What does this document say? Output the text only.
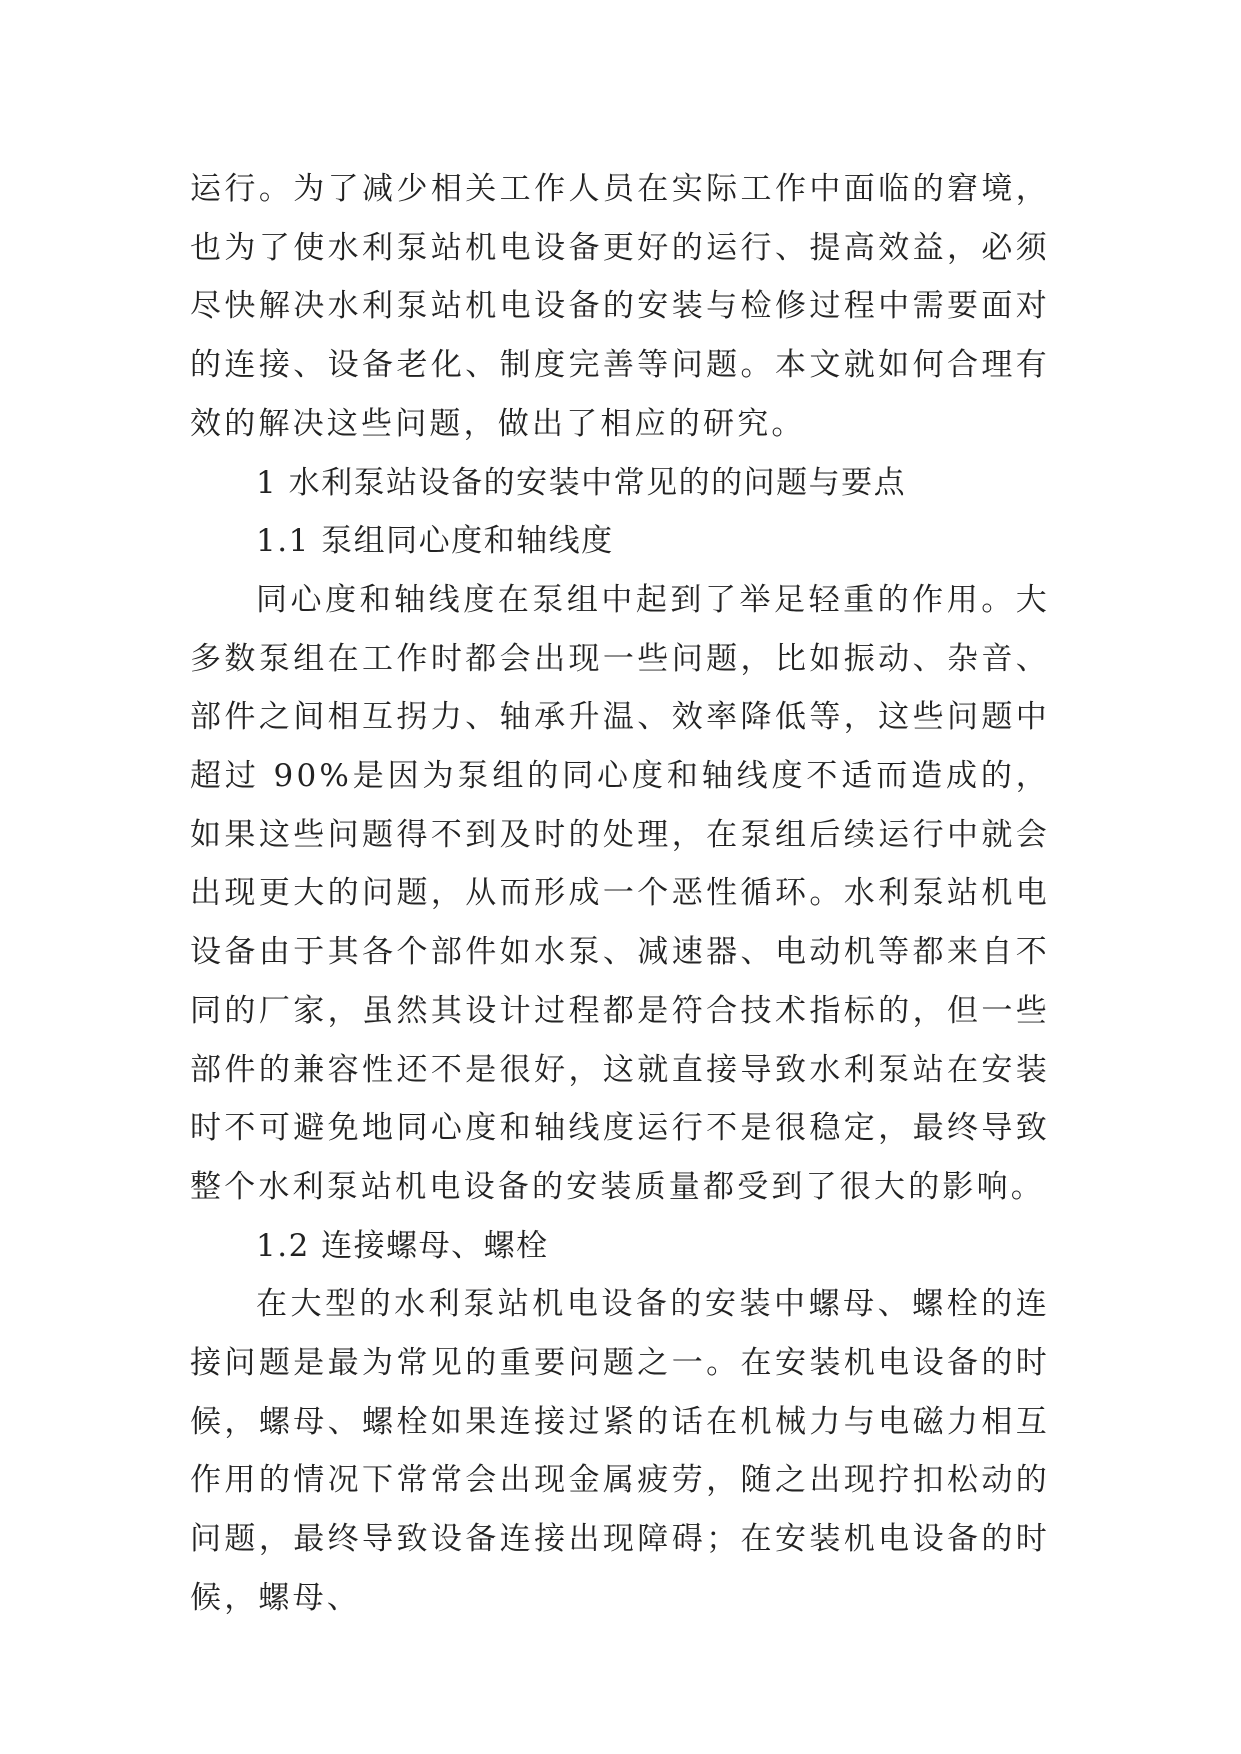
运行。为了减少相关工作人员在实际工作中面临的窘境，也为了使水利泵站机电设备更好的运行、提高效益，必须尽快解决水利泵站机电设备的安装与检修过程中需要面对的连接、设备老化、制度完善等问题。本文就如何合理有效的解决这些问题，做出了相应的研究。

1 水利泵站设备的安装中常见的的问题与要点

1.1 泵组同心度和轴线度

同心度和轴线度在泵组中起到了举足轻重的作用。大多数泵组在工作时都会出现一些问题，比如振动、杂音、部件之间相互拐力、轴承升温、效率降低等，这些问题中超过 90%是因为泵组的同心度和轴线度不适而造成的，如果这些问题得不到及时的处理，在泵组后续运行中就会出现更大的问题，从而形成一个恶性循环。水利泵站机电设备由于其各个部件如水泵、减速器、电动机等都来自不同的厂家，虽然其设计过程都是符合技术指标的，但一些部件的兼容性还不是很好，这就直接导致水利泵站在安装时不可避免地同心度和轴线度运行不是很稳定，最终导致整个水利泵站机电设备的安装质量都受到了很大的影响。

1.2 连接螺母、螺栓

在大型的水利泵站机电设备的安装中螺母、螺栓的连接问题是最为常见的重要问题之一。在安装机电设备的时候，螺母、螺栓如果连接过紧的话在机械力与电磁力相互作用的情况下常常会出现金属疲劳，随之出现拧扣松动的问题，最终导致设备连接出现障碍；在安装机电设备的时候，螺母、
